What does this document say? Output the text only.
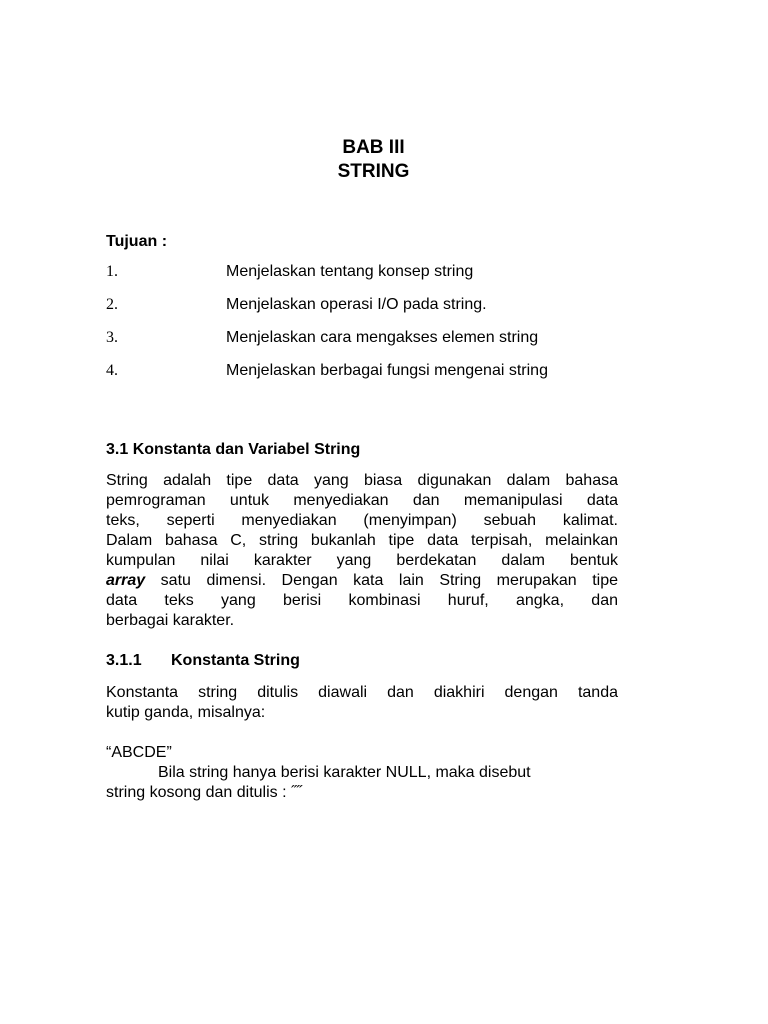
BAB III
STRING
Tujuan :
1.	Menjelaskan tentang konsep string
2.	Menjelaskan operasi I/O pada string.
3.	Menjelaskan cara mengakses elemen string
4.	Menjelaskan berbagai fungsi mengenai string
3.1 Konstanta dan Variabel String
String adalah tipe data yang biasa digunakan dalam bahasa
pemrograman untuk menyediakan dan memanipulasi data
teks, seperti menyediakan (menyimpan) sebuah kalimat.
Dalam bahasa C, string bukanlah tipe data terpisah, melainkan
kumpulan nilai karakter yang berdekatan dalam bentuk
array satu dimensi. Dengan kata lain String merupakan tipe
data teks yang berisi kombinasi huruf, angka, dan
berbagai karakter.
3.1.1 Konstanta String
Konstanta string ditulis diawali dan diakhiri dengan tanda
kutip ganda, misalnya:
“ABCDE”
Bila string hanya berisi karakter NULL, maka disebut
string kosong dan ditulis : ˝˝
